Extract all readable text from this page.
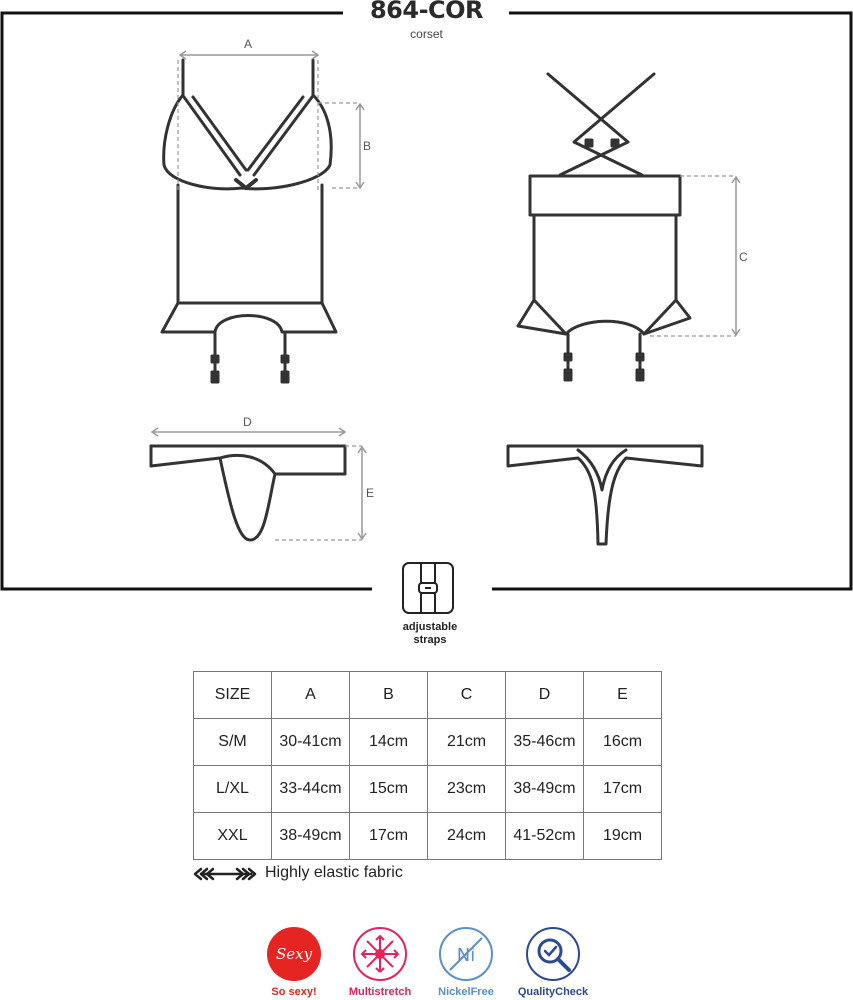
864-COR
corset
A
B
C
D
E
adjustable
straps
SIZE	A	B	C	D	E
S/M	30-41cm	14cm	21cm	35-46cm	16cm
L/XL	33-44cm	15cm	23cm	38-49cm	17cm
XXL	38-49cm	17cm	24cm	41-52cm	19cm
Highly elastic fabric
Sexy
So sexy!	Multistretch
Ni
NickelFree	QualityCheck
